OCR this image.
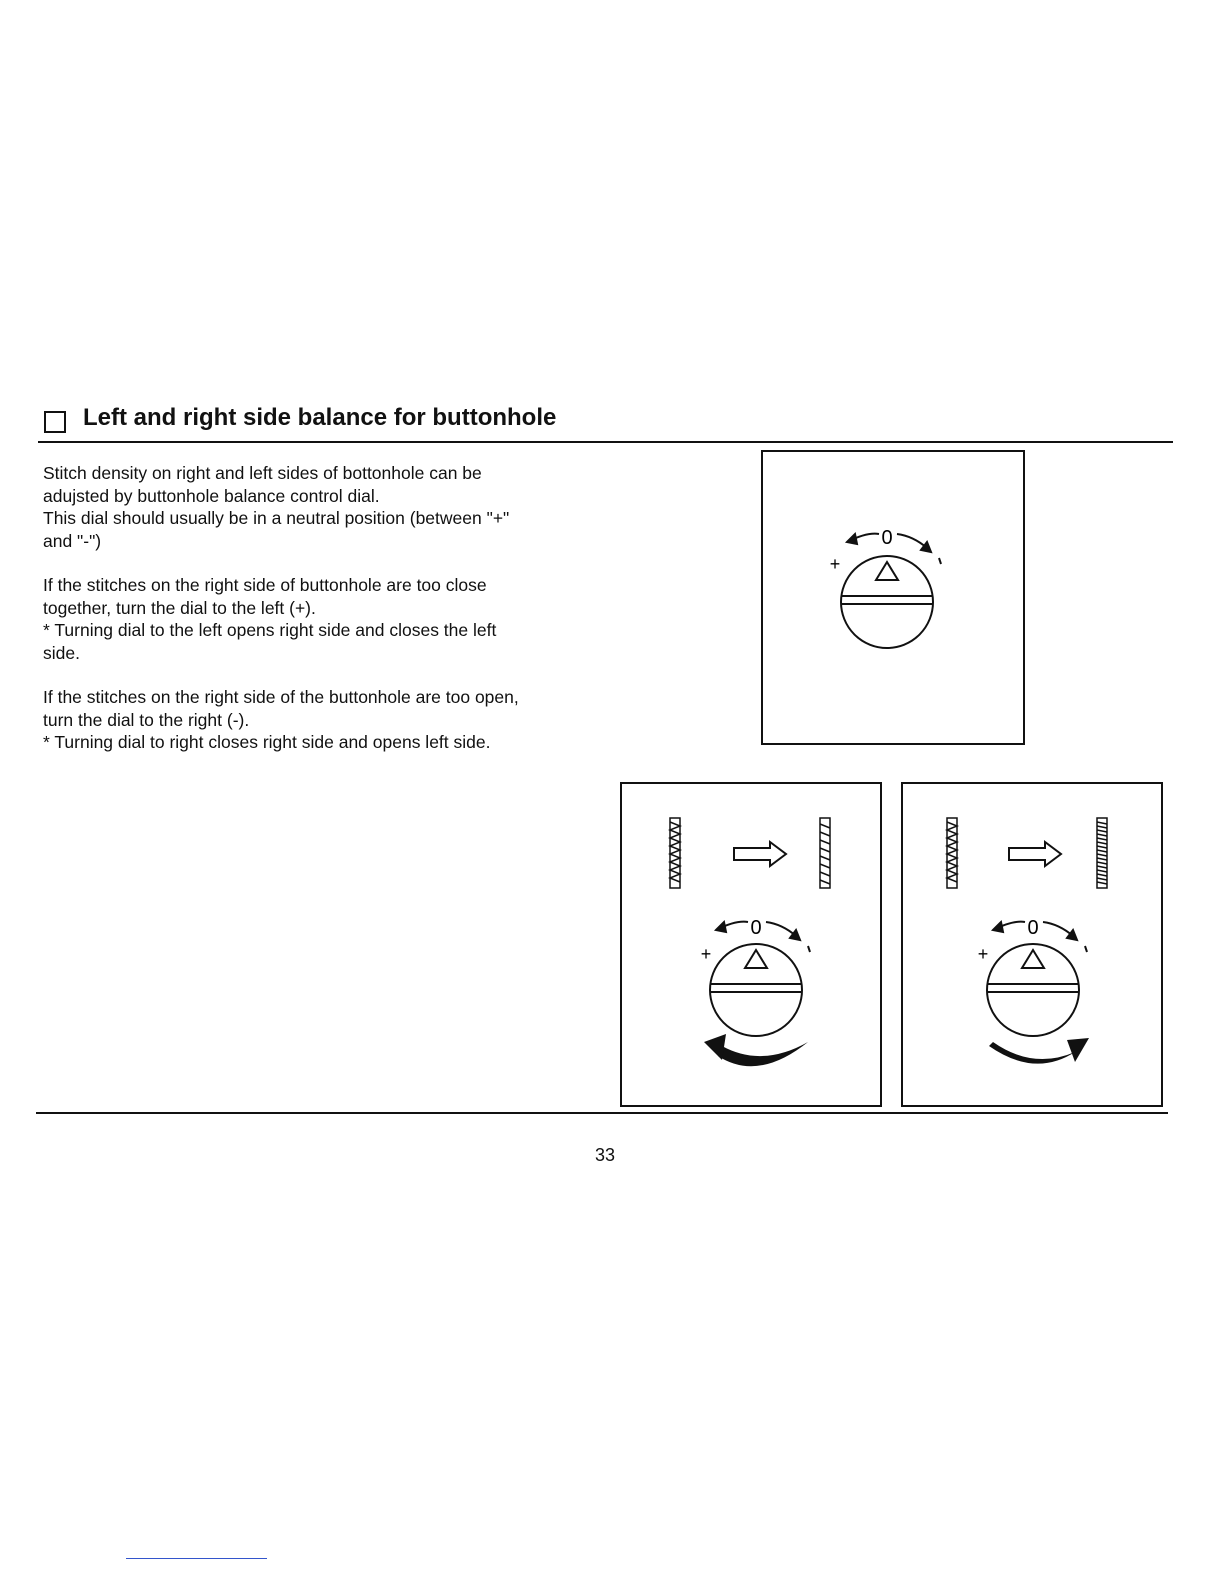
Left and right side balance for buttonhole

Stitch density on right and left sides of bottonhole can be

adujsted by buttonhole balance control dial.

This dial should usually be in a neutral position (between "+"

and "-")

If the stitches on the right side of buttonhole are too close

together, turn the dial to the left (+).

* Turning dial to the left opens right side and closes the left

side.

If the stitches on the right side of the buttonhole are too open,

turn the dial to the right (-).

* Turning dial to right closes right side and opens left side.

0
+
0
+
0
+
33
